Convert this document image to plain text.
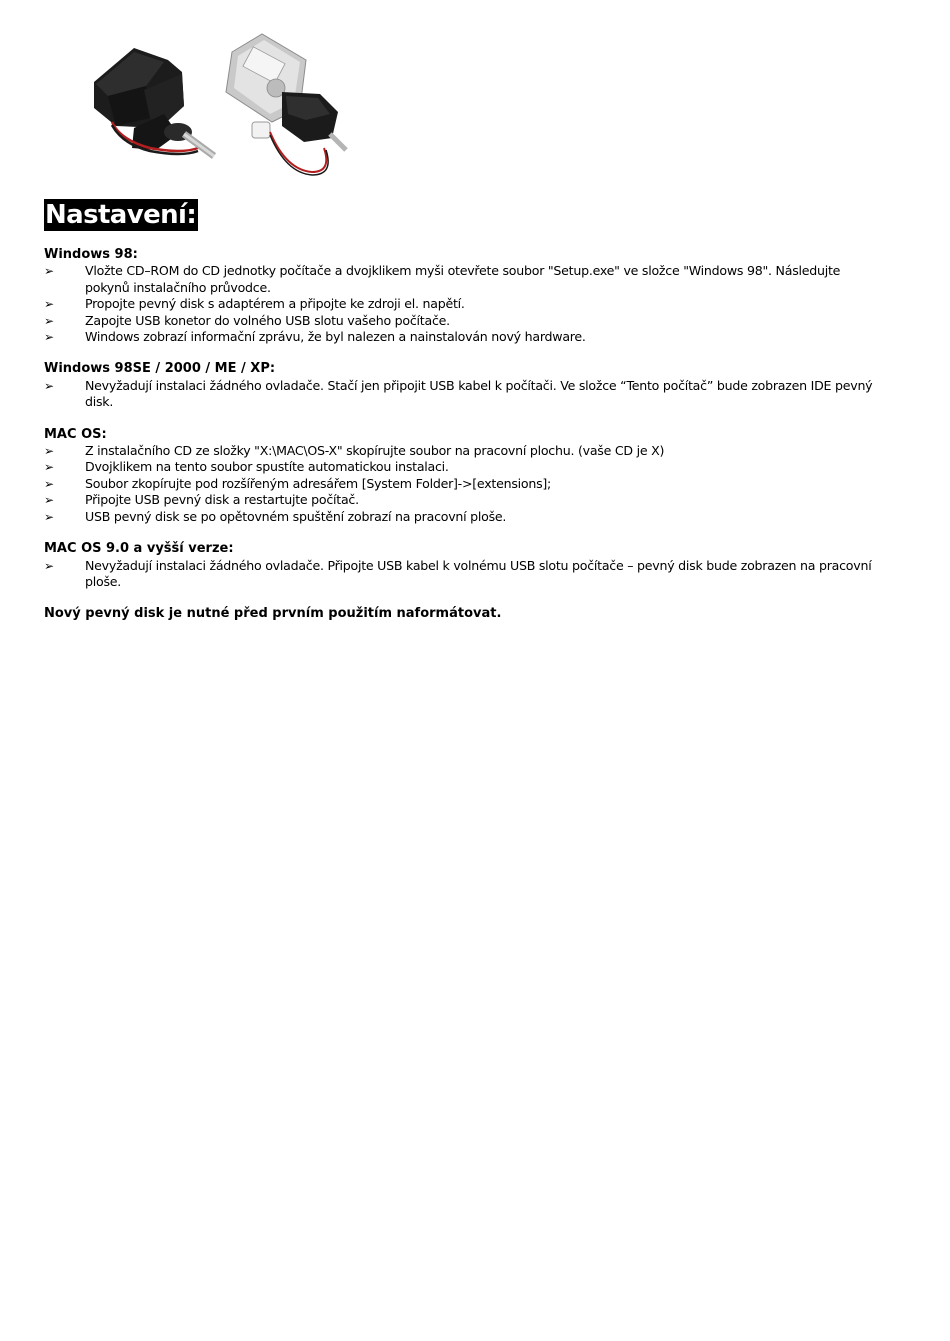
Nastavení:

Windows 98:

➢	Vložte CD–ROM do CD jednotky počítače a dvojklikem myši otevřete soubor "Setup.exe" ve složce "Windows 98". Následujte pokynů instalačního průvodce.
➢	Propojte pevný disk s adaptérem a připojte ke zdroji el. napětí.
➢	Zapojte USB konetor do volného USB slotu vašeho počítače.
➢	Windows zobrazí informační zprávu, že byl nalezen a nainstalován nový hardware.

Windows 98SE / 2000 / ME / XP:

➢	Nevyžadují instalaci žádného ovladače. Stačí jen připojit USB kabel k počítači. Ve složce “Tento počítač” bude zobrazen IDE pevný disk.

MAC OS:

➢	Z instalačního CD ze složky "X:\MAC\OS-X" skopírujte soubor na pracovní plochu. (vaše CD je X)
➢	Dvojklikem na tento soubor spustíte automatickou instalaci.
➢	Soubor zkopírujte pod rozšířeným adresářem [System Folder]->[extensions];
➢	Připojte USB pevný disk a restartujte počítač.
➢	USB pevný disk se po opětovném spuštění zobrazí na pracovní ploše.

MAC OS 9.0 a vyšší verze:

➢	Nevyžadují instalaci žádného ovladače. Připojte USB kabel k volnému USB slotu počítače – pevný disk bude zobrazen na pracovní ploše.

Nový pevný disk je nutné před prvním použitím naformátovat.
